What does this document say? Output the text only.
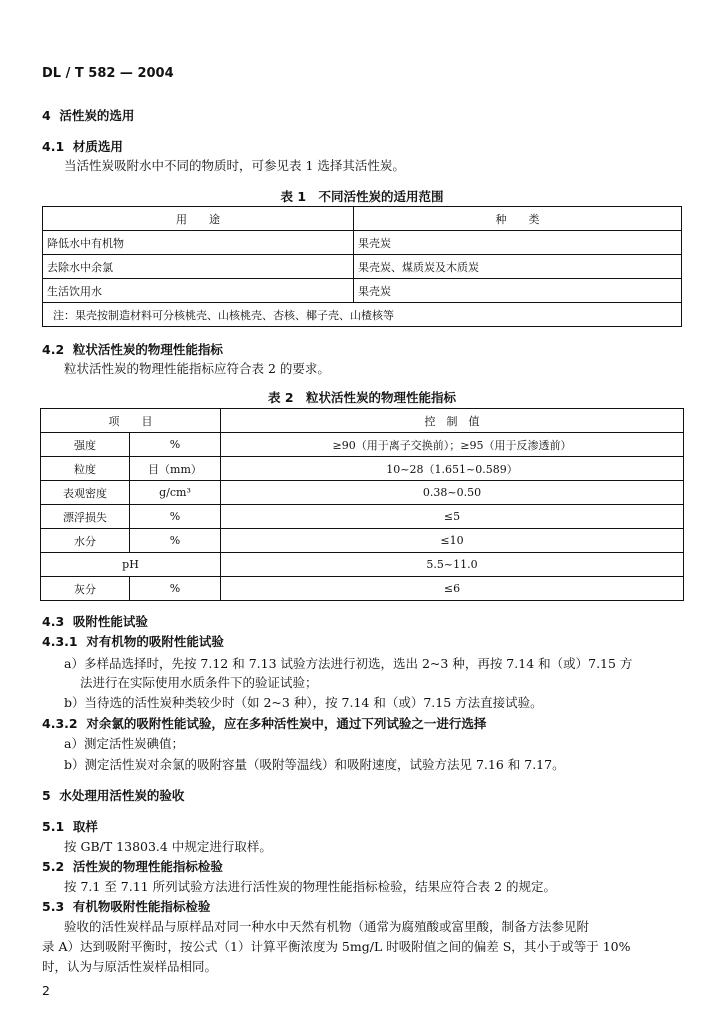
DL / T 582 — 2004
4 活性炭的选用
4.1 材质选用
当活性炭吸附水中不同的物质时，可参见表 1 选择其活性炭。
表 1　不同活性炭的适用范围
用　　途	种　　类
降低水中有机物	果壳炭
去除水中余氯	果壳炭、煤质炭及木质炭
生活饮用水	果壳炭
注：果壳按制造材料可分核桃壳、山核桃壳、杏核、椰子壳、山楂核等	
4.2 粒状活性炭的物理性能指标
粒状活性炭的物理性能指标应符合表 2 的要求。
表 2　粒状活性炭的物理性能指标
项　　目		控　制　值
强度	%	≥90（用于离子交换前）；≥95（用于反渗透前）
粒度	目（mm）	10~28（1.651~0.589）
表观密度	g/cm³	0.38~0.50
漂浮损失	%	≤5
水分	%	≤10
pH		5.5~11.0
灰分	%	≤6
4.3 吸附性能试验
4.3.1 对有机物的吸附性能试验
a）多样品选择时，先按 7.12 和 7.13 试验方法进行初选，选出 2~3 种，再按 7.14 和（或）7.15 方
法进行在实际使用水质条件下的验证试验；
b）当待选的活性炭种类较少时（如 2~3 种），按 7.14 和（或）7.15 方法直接试验。
4.3.2 对余氯的吸附性能试验，应在多种活性炭中，通过下列试验之一进行选择
a）测定活性炭碘值；
b）测定活性炭对余氯的吸附容量（吸附等温线）和吸附速度，试验方法见 7.16 和 7.17。
5 水处理用活性炭的验收
5.1 取样
按 GB/T 13803.4 中规定进行取样。
5.2 活性炭的物理性能指标检验
按 7.1 至 7.11 所列试验方法进行活性炭的物理性能指标检验，结果应符合表 2 的规定。
5.3 有机物吸附性能指标检验
验收的活性炭样品与原样品对同一种水中天然有机物（通常为腐殖酸或富里酸，制备方法参见附
录 A）达到吸附平衡时，按公式（1）计算平衡浓度为 5mg/L 时吸附值之间的偏差 S，其小于或等于 10%
时，认为与原活性炭样品相同。
2
